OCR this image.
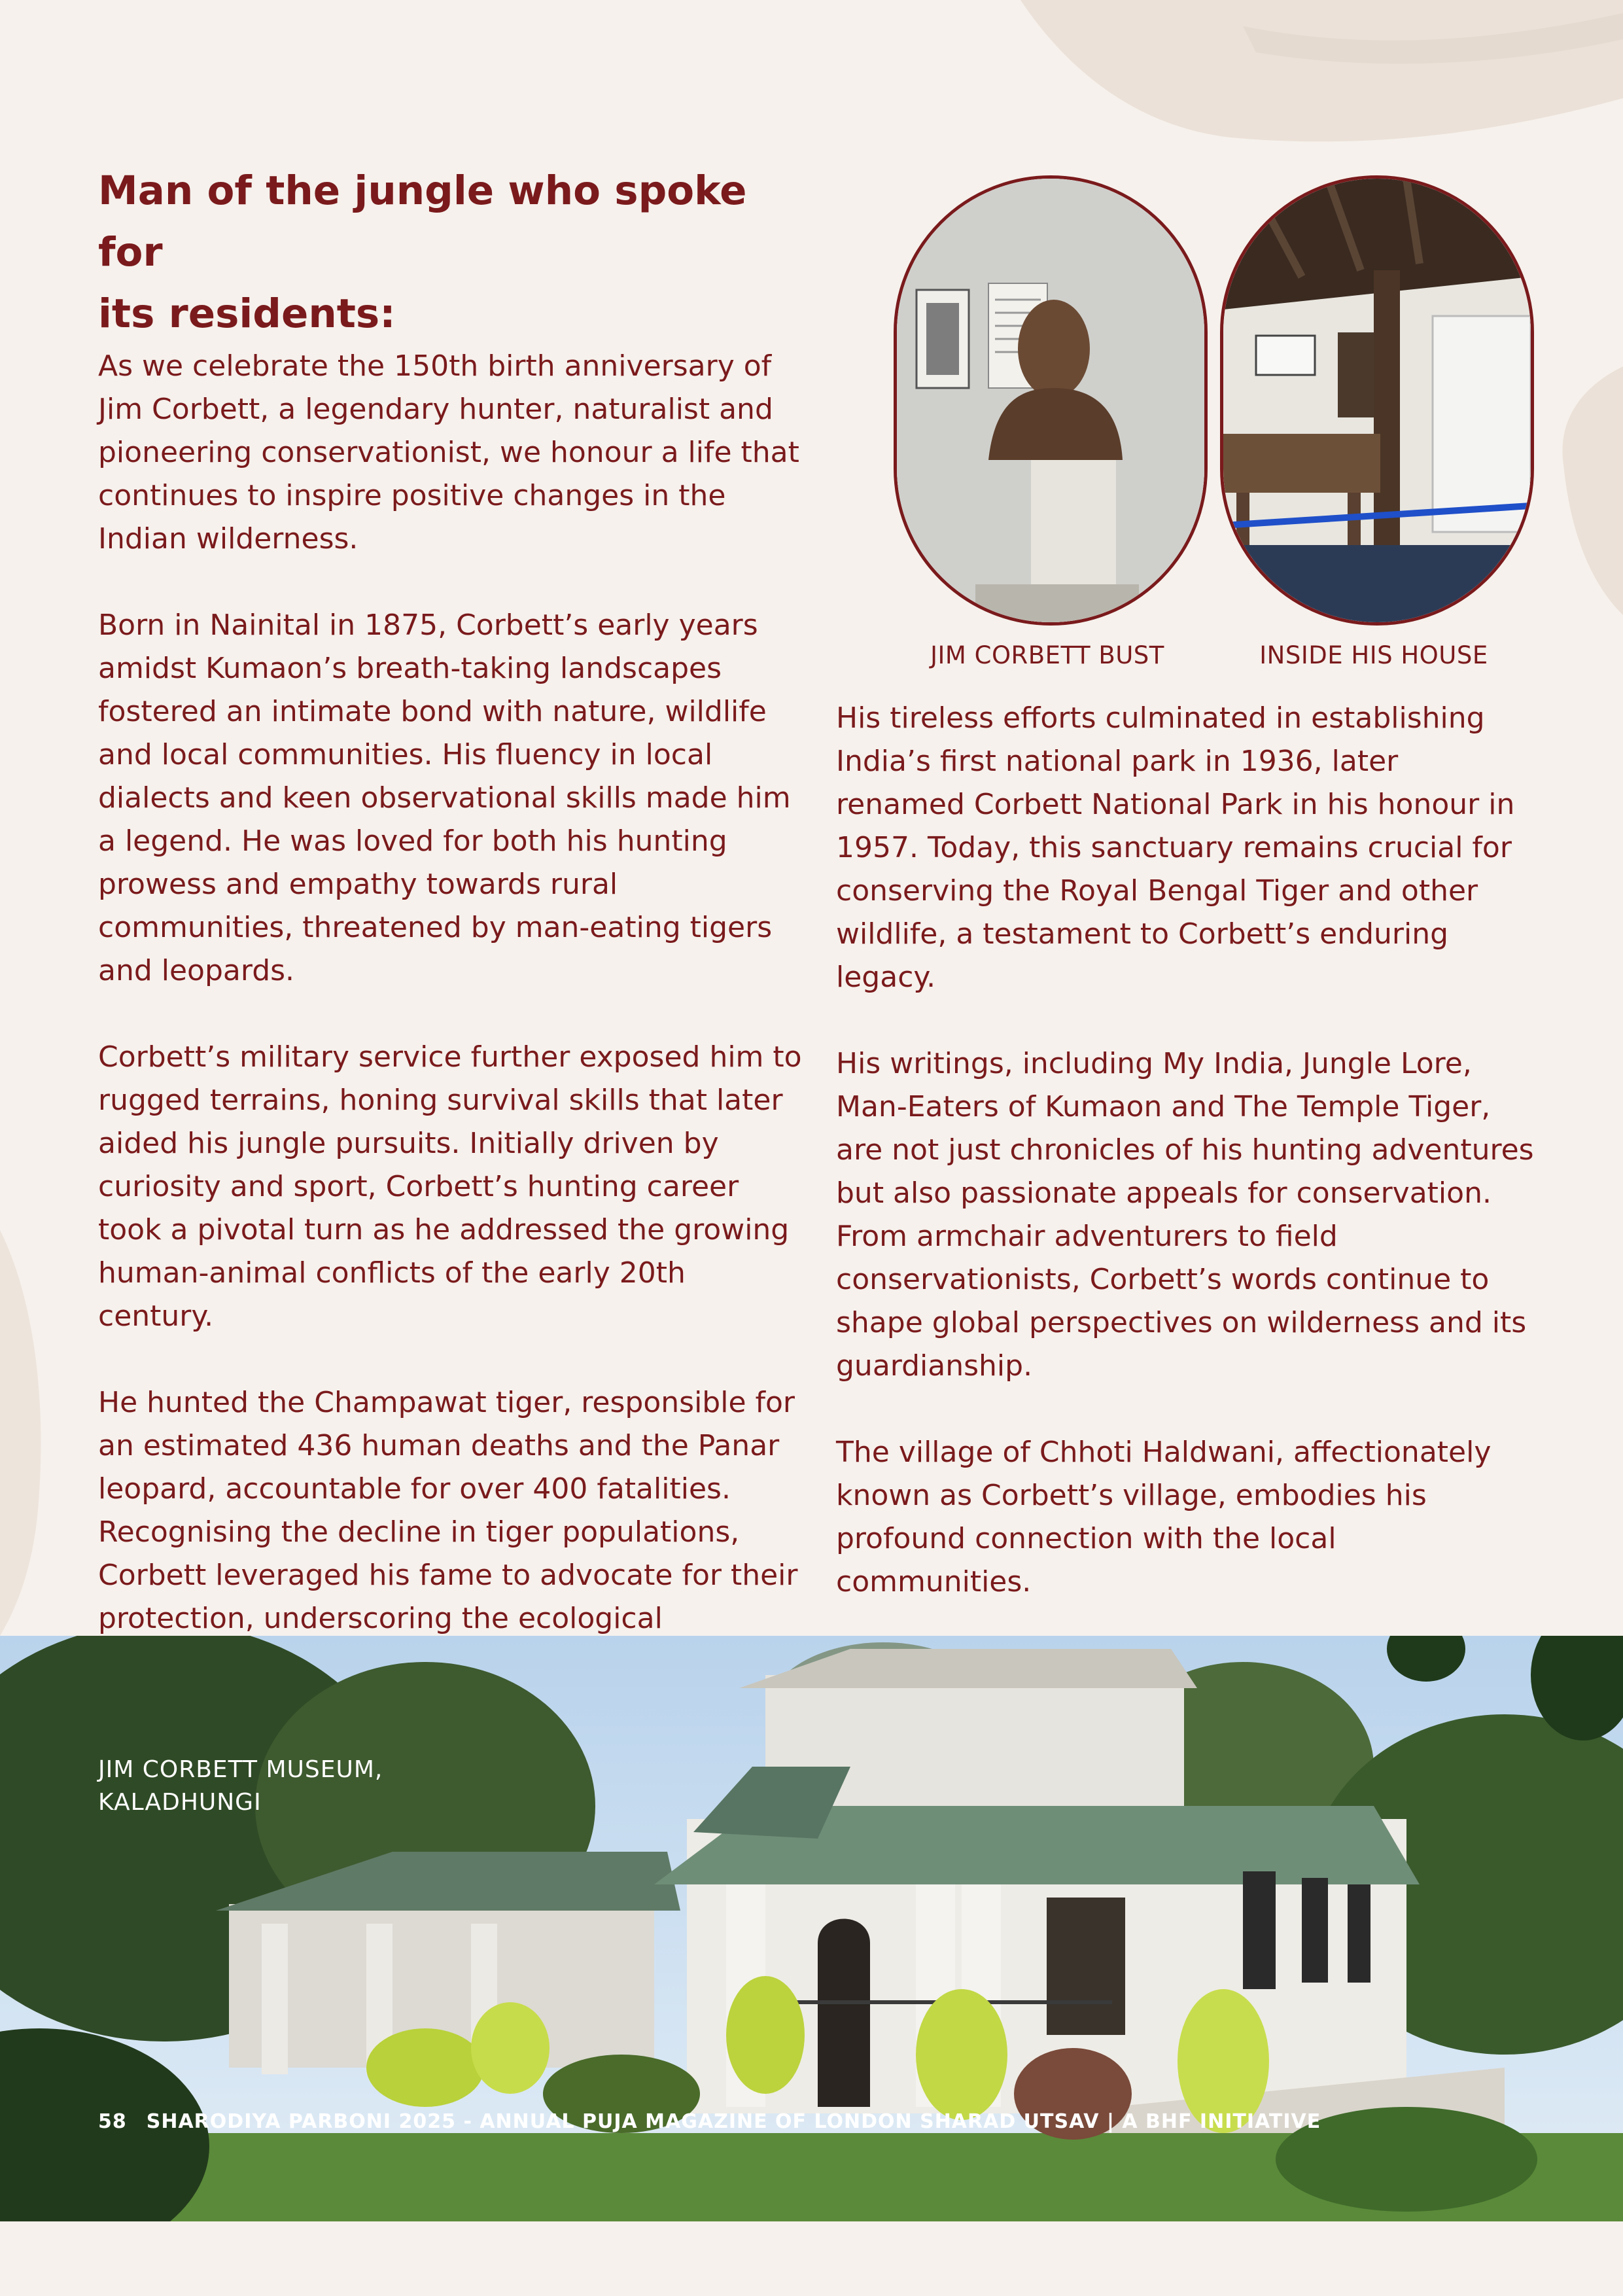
Man of the jungle who spoke for
its residents:

As we celebrate the 150th birth anniversary of Jim Corbett, a legendary hunter, naturalist and pioneering conservationist, we honour a life that continues to inspire positive changes in the Indian wilderness.

Born in Nainital in 1875, Corbett’s early years amidst Kumaon’s breath-taking landscapes fostered an intimate bond with nature, wildlife and local communities. His fluency in local dialects and keen observational skills made him a legend. He was loved for both his hunting prowess and empathy towards rural communities, threatened by man-eating tigers and leopards.

Corbett’s military service further exposed him to rugged terrains, honing survival skills that later aided his jungle pursuits. Initially driven by curiosity and sport, Corbett’s hunting career took a pivotal turn as he addressed the growing human-animal conflicts of the early 20th century.

He hunted the Champawat tiger, responsible for an estimated 436 human deaths and the Panar leopard, accountable for over 400 fatalities. Recognising the decline in tiger populations, Corbett leveraged his fame to advocate for their protection, underscoring the ecological

JIM CORBETT BUST	INSIDE HIS HOUSE

His tireless efforts culminated in establishing India’s first national park in 1936, later renamed Corbett National Park in his honour in 1957. Today, this sanctuary remains crucial for conserving the Royal Bengal Tiger and other wildlife, a testament to Corbett’s enduring legacy.

His writings, including My India, Jungle Lore, Man-Eaters of Kumaon and The Temple Tiger, are not just chronicles of his hunting adventures but also passionate appeals for conservation. From armchair adventurers to field conservationists, Corbett’s words continue to shape global perspectives on wilderness and its guardianship.

The village of Chhoti Haldwani, affectionately known as Corbett’s village, embodies his profound connection with the local communities.

JIM CORBETT MUSEUM,
KALADHUNGI
58 SHARODIYA PARBONI 2025 - ANNUAL PUJA MAGAZINE OF LONDON SHARAD UTSAV | A BHF INITIATIVE
